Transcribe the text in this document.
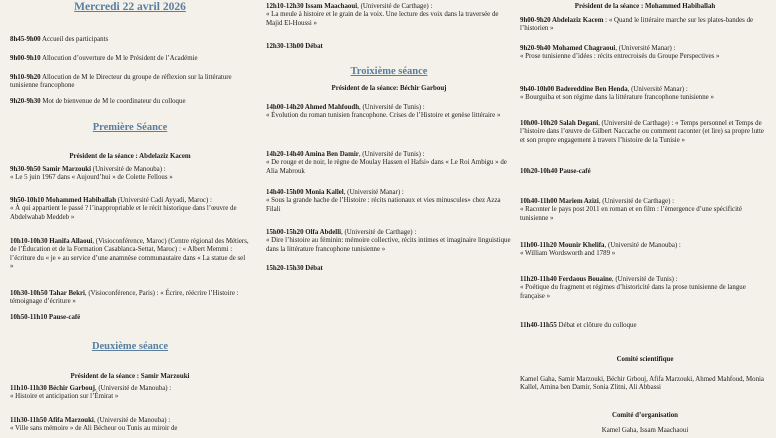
Mercredi 22 avril 2026
8h45-9h00 Accueil des participants
9h00-9h10 Allocution d’ouverture de M le Président de l’Académie
9h10-9h20 Allocution de M le Directeur du groupe de réflexion sur la littérature tunisienne francophone
9h20-9h30 Mot de bienvenue de M le coordinateur du colloque
Première Séance
Président de la séance : Abdelaziz Kacem
9h30-9h50 Samir Marzouki (Université de Manouba) :
« Le 5 juin 1967 dans « Aujourd’hui » de Colette Fellous »
9h50-10h10 Mohammed Habiballah (Université Cadi Ayyadi, Maroc) :
« À qui appartient le passé ? l’inappropriable et le récit historique dans l’œuvre de Abdelwahab Meddeb »
10h10-10h30 Hanifa Allaoui, (Visioconférence, Maroc) (Centre régional des Métiers, de l’Éducation et de la Formation Casablanca-Settat, Maroc) : « Albert Memmi : l’écriture du « je » au service d’une anamnèse communautaire dans « La statue de sel »
10h30-10h50 Tahar Bekri, (Visioconférence, Paris) : « Écrire, réécrire l’Histoire : témoignage d’écriture »
10h50-11h10 Pause-café
Deuxième séance
Président de la séance : Samir Marzouki
11h10-11h30 Béchir Garbouj, (Université de Manouba) :
« Histoire et anticipation sur l’Émirat »
11h30-11h50 Afifa Marzouki, (Université de Manouba) :
« Ville sans mémoire » de Ali Bécheur ou Tunis au miroir de
12h10-12h30 Issam Maachaoui, (Université de Carthage) :
« La meule à histoire et le grain de la voix. Une lecture des voix dans la traversée de Majid El-Houssi »
12h30-13h00 Débat
Troixième séance
Président de la séance: Béchir Garbouj
14h00-14h20 Ahmed Mahfoudh, (Université de Tunis) :
« Évolution du roman tunisien francophone. Crises de l’Histoire et genèse littéraire »
14h20-14h40 Amina Ben Damir, (Université de Tunis) :
« De rouge et de noir, le règne de Moulay Hassen el Hafsi» dans « Le Roi Ambigu » de Alia Mabrouk
14h40-15h00 Monia Kallel, (Université Manar) :
« Sous la grande hache de l’Histoire : récits nationaux et vies minuscules» chez Azza Filali
15h00-15h20 Olfa Abdelli, (Université de Carthage) :
« Dire l’histoire au féminin: mémoire collective, récits intimes et imaginaire linguistique dans la littérature francophone tunisienne »
15h20-15h30 Débat
Président de la séance : Mohammed Habiballah
9h00-9h20 Abdelaziz Kacem : « Quand le littéraire marche sur les plates-bandes de l’historien »
9h20-9h40 Mohamed Chagraoui, (Université Manar) :
« Prose tunisienne d’idées : récits entrecroisés du Groupe Perspectives »
9h40-10h00 Badereddine Ben Henda, (Université Manar) :
« Bourguiba et son régime dans la littérature francophone tunisienne »
10h00-10h20 Salah Degani, (Université de Carthage) : « Temps personnel et Temps de l’histoire dans l’œuvre de Gilbert Naccache ou comment raconter (et lire) sa propre lutte et son propre engagement à travers l’histoire de la Tunisie »
10h20-10h40 Pause-café
10h40-11h00 Mariem Azizi, (Université de Carthage) :
« Raconter le pays post 2011 en roman et en film : l’émergence d’une spécificité tunisienne »
11h00-11h20 Mounir Khelifa, (Université de Manouba) :
« William Wordsworth and 1789 »
11h20-11h40 Ferdaous Bouaine, (Université de Tunis) :
« Poétique du fragment et régimes d’historicité dans la prose tunisienne de langue française »
11h40-11h55 Débat et clôture du colloque
Comité scientifique
Kamel Gaha, Samir Marzouki, Béchir Grbouj, Afifa Marzouki, Ahmed Mahfoud, Monia Kallel, Amina ben Damir, Sonia Zlitni, Ali Abbassi
Comité d’organisation
Kamel Gaha, Issam Maachaoui
